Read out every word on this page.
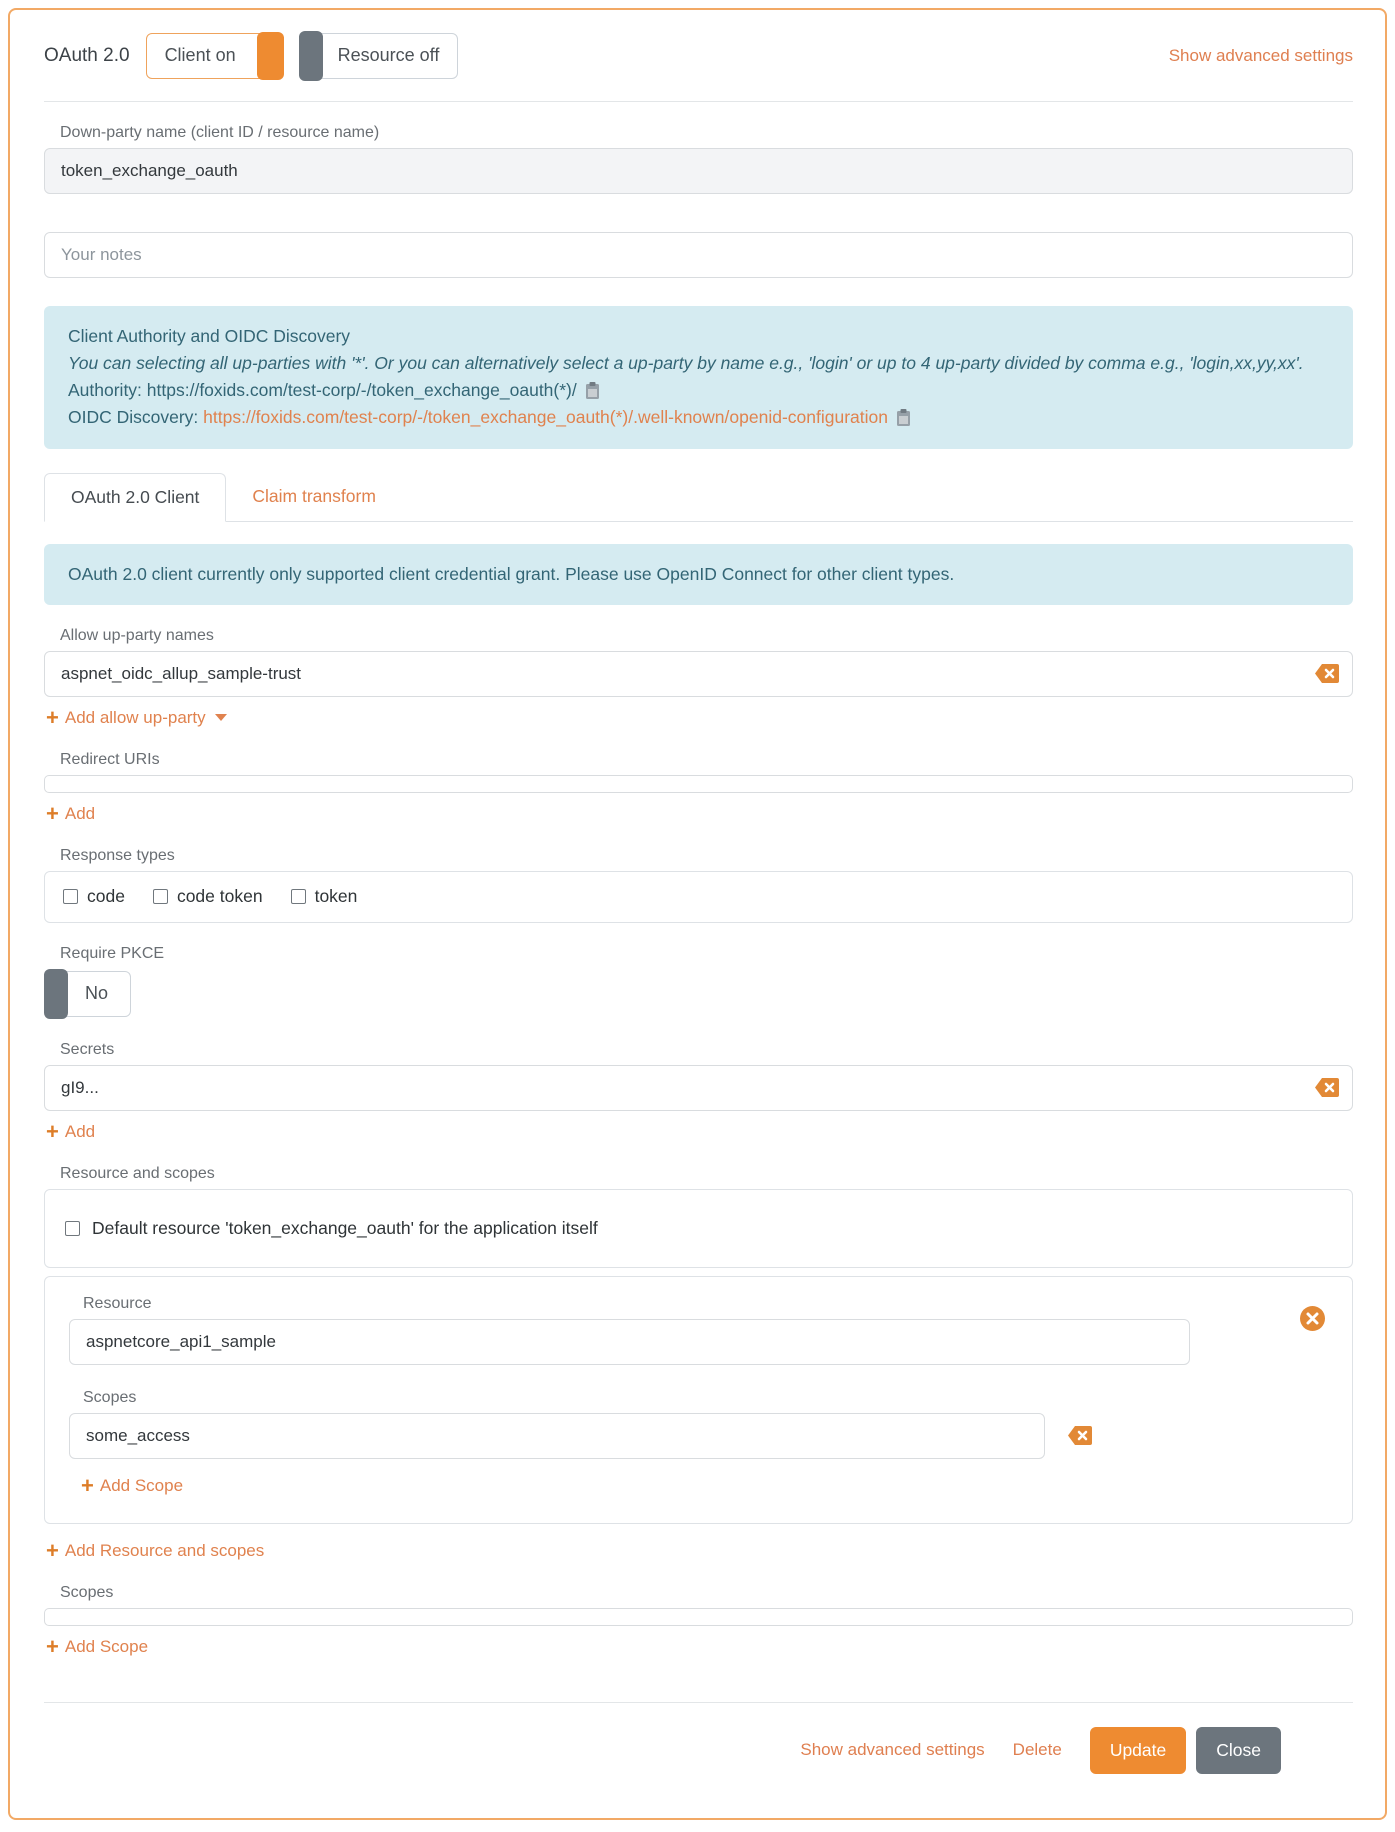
OAuth 2.0 Client on	Resource off	Show advanced settings
Down-party name (client ID / resource name)
token_exchange_oauth
Your notes
Client Authority and OIDC Discovery
You can selecting all up-parties with '*'. Or you can alternatively select a up-party by name e.g., 'login' or up to 4 up-party divided by comma e.g., 'login,xx,yy,xx'.
Authority: https://foxids.com/test-corp/-/token_exchange_oauth(*)/
OIDC Discovery: https://foxids.com/test-corp/-/token_exchange_oauth(*)/.well-known/openid-configuration
OAuth 2.0 Client	Claim transform
OAuth 2.0 client currently only supported client credential grant. Please use OpenID Connect for other client types.
Allow up-party names
aspnet_oidc_allup_sample-trust
+
Add allow up-party
Redirect URIs
+
Add
Response types
code	code token	token
Require PKCE
No
Secrets
gI9...
+
Add
Resource and scopes
Default resource 'token_exchange_oauth' for the application itself
Resource
aspnetcore_api1_sample
Scopes
some_access
+
Add Scope
+
Add Resource and scopes
Scopes
+
Add Scope
Show advanced settings Delete	Update	Close
